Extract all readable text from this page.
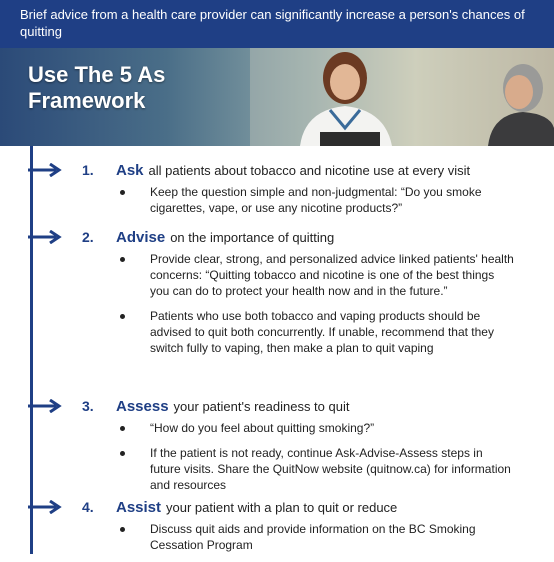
Brief advice from a health care provider can significantly increase a person's chances of quitting
Use The 5 As
Framework
1. Ask all patients about tobacco and nicotine use at every visit
Keep the question simple and non-judgmental: “Do you smoke cigarettes, vape, or use any nicotine products?”
2. Advise on the importance of quitting
Provide clear, strong, and personalized advice linked patients' health concerns: “Quitting tobacco and nicotine is one of the best things you can do to protect your health now and in the future.”
Patients who use both tobacco and vaping products should be advised to quit both concurrently. If unable, recommend that they switch fully to vaping, then make a plan to quit vaping
3. Assess your patient's readiness to quit
“How do you feel about quitting smoking?”
If the patient is not ready, continue Ask-Advise-Assess steps in future visits. Share the QuitNow website (quitnow.ca) for information and resources
4. Assist your patient with a plan to quit or reduce
Discuss quit aids and provide information on the BC Smoking Cessation Program
